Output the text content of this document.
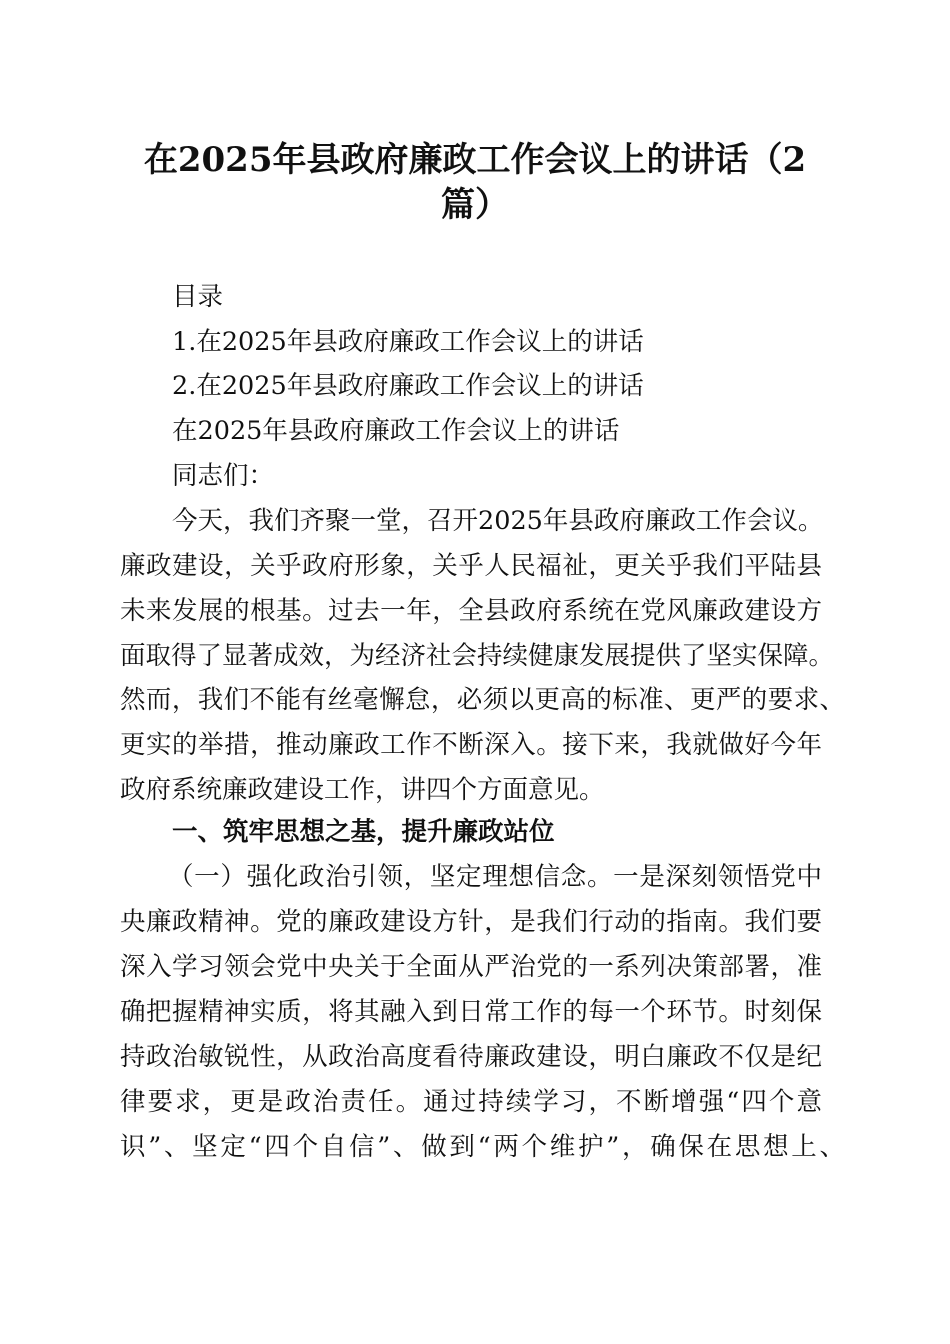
在2025年县政府廉政工作会议上的讲话（2
篇）
目录
1.在2025年县政府廉政工作会议上的讲话
2.在2025年县政府廉政工作会议上的讲话
在2025年县政府廉政工作会议上的讲话
同志们：
今天，我们齐聚一堂，召开2025年县政府廉政工作会议。
廉政建设，关乎政府形象，关乎人民福祉，更关乎我们平陆县
未来发展的根基。过去一年，全县政府系统在党风廉政建设方
面取得了显著成效，为经济社会持续健康发展提供了坚实保障。
然而，我们不能有丝毫懈怠，必须以更高的标准、更严的要求、
更实的举措，推动廉政工作不断深入。接下来，我就做好今年
政府系统廉政建设工作，讲四个方面意见。
一、筑牢思想之基，提升廉政站位
（一）强化政治引领，坚定理想信念。一是深刻领悟党中
央廉政精神。党的廉政建设方针，是我们行动的指南。我们要
深入学习领会党中央关于全面从严治党的一系列决策部署，准
确把握精神实质，将其融入到日常工作的每一个环节。时刻保
持政治敏锐性，从政治高度看待廉政建设，明白廉政不仅是纪
律要求，更是政治责任。通过持续学习，不断增强“四个意
识”、坚定“四个自信”、做到“两个维护”，确保在思想上、
